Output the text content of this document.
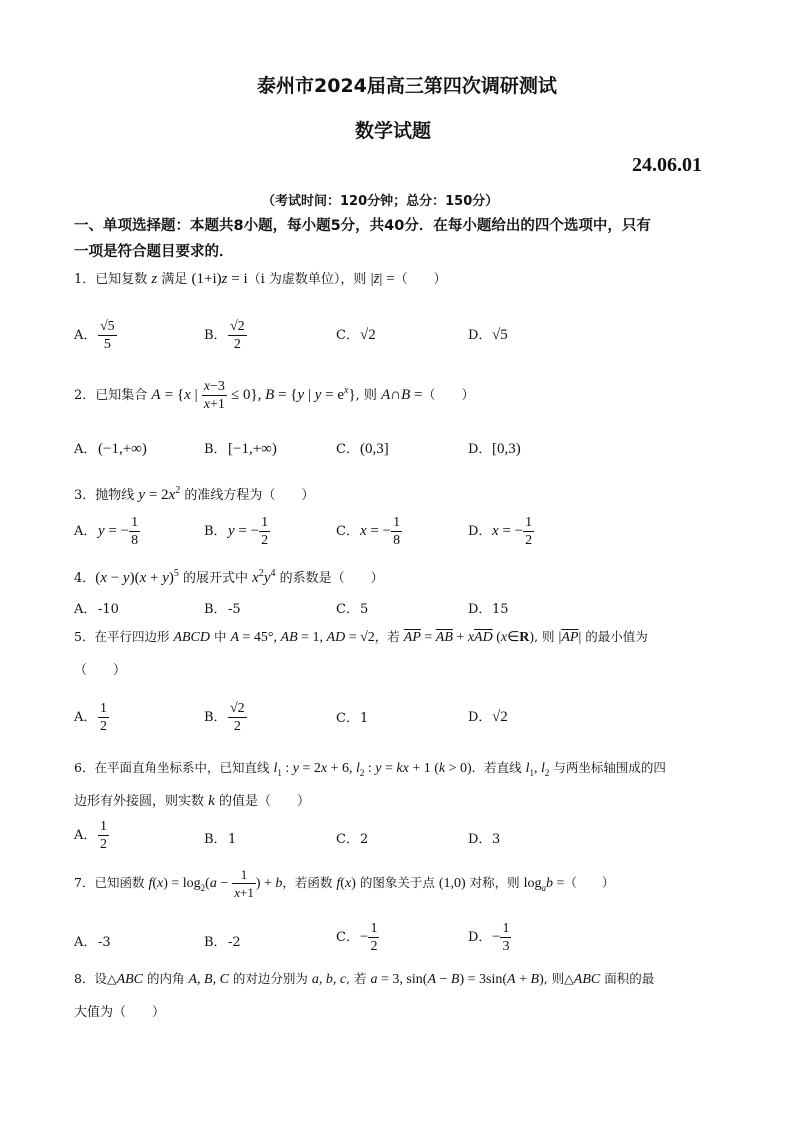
泰州市2024届高三第四次调研测试
数学试题
24.06.01
（考试时间：120分钟；总分：150分）
一、单项选择题：本题共8小题，每小题5分，共40分．在每小题给出的四个选项中，只有
一项是符合题目要求的．
1．已知复数 z 满足 (1+i)z = i（i 为虚数单位），则 |z̄| =（　　）
A． $\frac{√5}{5}$	B． $\frac{√2}{2}$	C．√2	D．√5
2．已知集合 A = {x | $\frac{x-3}{x+1} \le 0$}, B = {y | $y = e^x$}, 则 A∩B =（　　）
A． (−1,+∞)	B．[−1,+∞)	C．(0,3]	D．[0,3)
3．抛物线 $y = 2x^2$ 的准线方程为（　　）
A． y = − $\frac{1}{8}$	B．y = − $\frac{1}{2}$	C．x = − $\frac{1}{8}$	D．x = − $\frac{1}{2}$
4．$(x - y)(x + y)^5$ 的展开式中 $x^2y^4$ 的系数是（　　）
A． -10	B．-5	C．5	D．15
5．在平行四边形 ABCD 中 A = 45°, AB = 1, AD = √2，若 $\overline{AP} = \overline{AB} + x\overline{AD}$ (x∈R), 则 $|\overline{AP}|$ 的最小值为
（　　）
A． $\frac{1}{2}$	B． $\frac{√2}{2}$	C．1	D．√2
6．在平面直角坐标系中，已知直线 $l_1$ : y = 2x + 6, $l_2$ : y = kx + 1 (k > 0)．若直线 $l_1$, $l_2$ 与两坐标轴围成的四
边形有外接圆，则实数 k 的值是（　　）
A． $\frac{1}{2}$	B．1	C．2	D．3
7．已知函数 $f(x) = \log_2(a - \frac{1}{x+1}$ ) + b，若函数 f(x) 的图象关于点 (1,0) 对称，则 $\log_ab$ =（　　）
A． -3	B．-2	C．− $\frac{1}{2}$	D．− $\frac{1}{3}$
8．设△ABC 的内角 A, B, C 的对边分别为 a, b, c, 若 a = 3, sin(A − B) = 3sin(A + B), 则△ABC 面积的最
大值为（　　）
